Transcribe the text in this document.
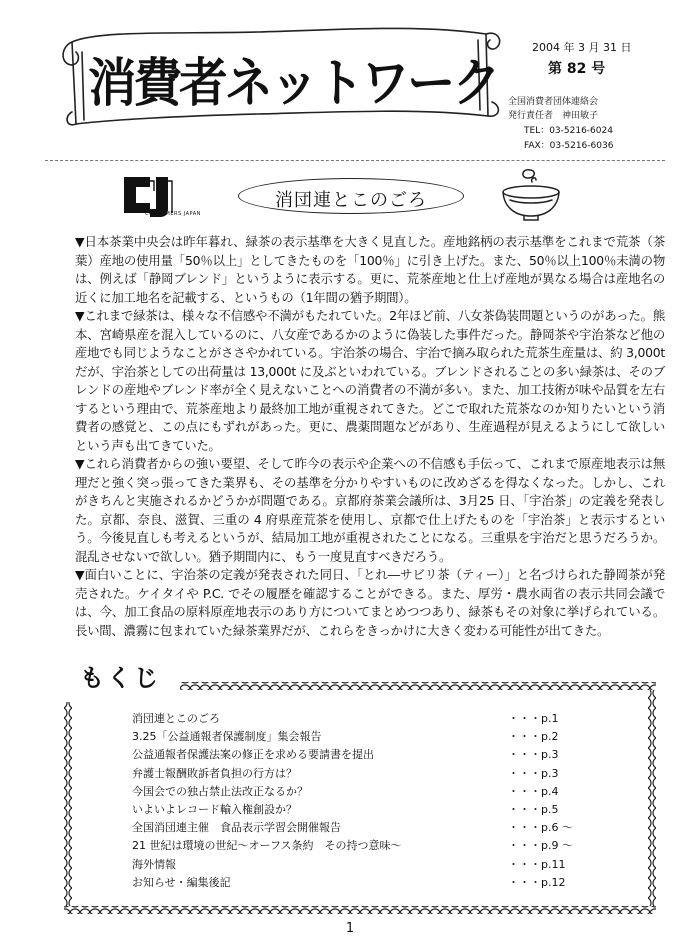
消費者ネットワーク
2004 年 3 月 31 日
第 82 号
全国消費者団体連絡会
発行責任者　神田敏子
TEL：03-5216-6024
FAX：03-5216-6036
CONSUMERS JAPAN
消団連とこのごろ

▼日本茶業中央会は昨年暮れ、緑茶の表示基準を大きく見直した。産地銘柄の表示基準をこれまで荒茶（茶葉）産地の使用量「50％以上」としてきたものを「100％」に引き上げた。また、50％以上100％未満の物は、例えば「静岡ブレンド」というように表示する。更に、荒茶産地と仕上げ産地が異なる場合は産地名の近くに加工地名を記載する、というもの（1年間の猶予期間）。

▼これまで緑茶は、様々な不信感や不満がもたれていた。2年ほど前、八女茶偽装問題というのがあった。熊本、宮崎県産を混入しているのに、八女産であるかのように偽装した事件だった。静岡茶や宇治茶など他の産地でも同じようなことがささやかれている。宇治茶の場合、宇治で摘み取られた荒茶生産量は、約 3,000t だが、宇治茶としての出荷量は 13,000t に及ぶといわれている。ブレンドされることの多い緑茶は、そのブレンドの産地やブレンド率が全く見えないことへの消費者の不満が多い。また、加工技術が味や品質を左右するという理由で、荒茶産地より最終加工地が重視されてきた。どこで取れた荒茶なのか知りたいという消費者の感覚と、この点にもずれがあった。更に、農薬問題などがあり、生産過程が見えるようにして欲しいという声も出てきていた。

▼これら消費者からの強い要望、そして昨今の表示や企業への不信感も手伝って、これまで原産地表示は無理だと強く突っ張ってきた業界も、その基準を分かりやすいものに改めざるを得なくなった。しかし、これがきちんと実施されるかどうかが問題である。京都府茶業会議所は、3月25 日、「宇治茶」の定義を発表した。京都、奈良、滋賀、三重の 4 府県産荒茶を使用し、京都で仕上げたものを「宇治茶」と表示するという。今後見直しも考えるというが、結局加工地が重視されたことになる。三重県を宇治だと思うだろうか。混乱させないで欲しい。猶予期間内に、もう一度見直すべきだろう。

▼面白いことに、宇治茶の定義が発表された同日、「とれ―サビリ茶（ティー）」と名づけられた静岡茶が発売された。ケイタイや P.C. でその履歴を確認することができる。また、厚労・農水両省の表示共同会議では、今、加工食品の原料原産地表示のあり方についてまとめつつあり、緑茶もその対象に挙げられている。長い間、濃霧に包まれていた緑茶業界だが、これらをきっかけに大きく変わる可能性が出てきた。

もくじ
消団連とこのごろ	・・・p.1
3.25「公益通報者保護制度」集会報告	・・・p.2
公益通報者保護法案の修正を求める要請書を提出	・・・p.3
弁護士報酬敗訴者負担の行方は？	・・・p.3
今国会での独占禁止法改正なるか？	・・・p.4
いよいよレコード輸入権創設か？	・・・p.5
全国消団連主催　食品表示学習会開催報告	・・・p.6 ～
21 世紀は環境の世紀～オーフス条約　その持つ意味～	・・・p.9 ～
海外情報	・・・p.11
お知らせ・編集後記	・・・p.12
1
